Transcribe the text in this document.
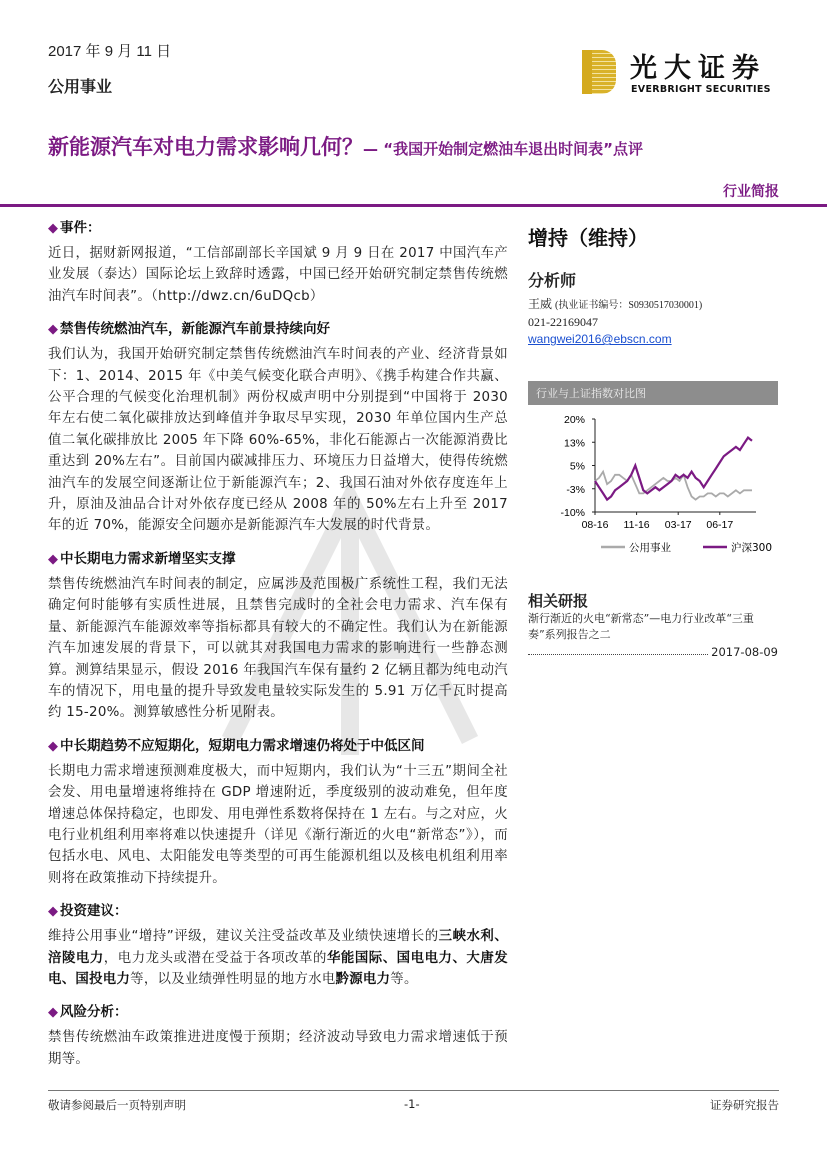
2017 年 9 月 11 日
公用事业
光大证券
EVERBRIGHT SECURITIES
新能源汽车对电力需求影响几何？— “我国开始制定燃油车退出时间表”点评
行业简报
◆ 事件：
近日，据财新网报道，“工信部副部长辛国斌 9 月 9 日在 2017 中国汽车产业发展（泰达）国际论坛上致辞时透露，中国已经开始研究制定禁售传统燃油汽车时间表”。（http://dwz.cn/6uDQcb）
◆ 禁售传统燃油汽车，新能源汽车前景持续向好
我们认为，我国开始研究制定禁售传统燃油汽车时间表的产业、经济背景如下：1、2014、2015 年《中美气候变化联合声明》、《携手构建合作共赢、公平合理的气候变化治理机制》两份权威声明中分别提到“中国将于 2030 年左右使二氧化碳排放达到峰值并争取尽早实现，2030 年单位国内生产总值二氧化碳排放比 2005 年下降 60%-65%，非化石能源占一次能源消费比重达到 20%左右”。目前国内碳减排压力、环境压力日益增大，使得传统燃油汽车的发展空间逐渐让位于新能源汽车；2、我国石油对外依存度连年上升，原油及油品合计对外依存度已经从 2008 年的 50%左右上升至 2017 年的近 70%，能源安全问题亦是新能源汽车大发展的时代背景。
◆ 中长期电力需求新增坚实支撑
禁售传统燃油汽车时间表的制定，应属涉及范围极广系统性工程，我们无法确定何时能够有实质性进展，且禁售完成时的全社会电力需求、汽车保有量、新能源汽车能源效率等指标都具有较大的不确定性。我们认为在新能源汽车加速发展的背景下，可以就其对我国电力需求的影响进行一些静态测算。测算结果显示，假设 2016 年我国汽车保有量约 2 亿辆且都为纯电动汽车的情况下，用电量的提升导致发电量较实际发生的 5.91 万亿千瓦时提高约 15-20%。测算敏感性分析见附表。
◆ 中长期趋势不应短期化，短期电力需求增速仍将处于中低区间
长期电力需求增速预测难度极大，而中短期内，我们认为“十三五”期间全社会发、用电量增速将维持在 GDP 增速附近，季度级别的波动难免，但年度增速总体保持稳定，也即发、用电弹性系数将保持在 1 左右。与之对应，火电行业机组利用率将难以快速提升（详见《渐行渐近的火电“新常态”》），而包括水电、风电、太阳能发电等类型的可再生能源机组以及核电机组利用率则将在政策推动下持续提升。
◆ 投资建议：
维持公用事业“增持”评级，建议关注受益改革及业绩快速增长的三峡水利、涪陵电力，电力龙头或潜在受益于各项改革的华能国际、国电电力、大唐发电、国投电力等，以及业绩弹性明显的地方水电黔源电力等。
◆ 风险分析：
禁售传统燃油车政策推进进度慢于预期；经济波动导致电力需求增速低于预期等。
增持（维持）
分析师
王威 (执业证书编号：S0930517030001)
021-22169047
wangwei2016@ebscn.com
行业与上证指数对比图
20%
13%
5%
-3%
-10%
08-16 11-16 03-17 06-17
公用事业	沪深300
相关研报
渐行渐近的火电“新常态”—电力行业改革“三重奏”系列报告之二
2017-08-09
敬请参阅最后一页特别声明	-1-	证券研究报告
